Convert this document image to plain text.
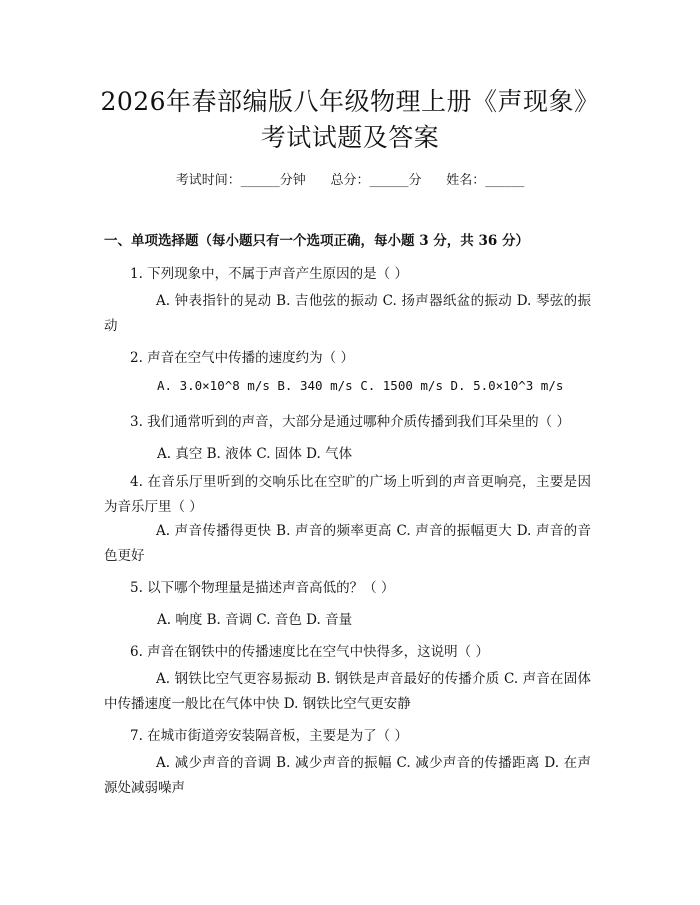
2026年春部编版八年级物理上册《声现象》
考试试题及答案
考试时间：______分钟      总分：______分      姓名：______
一、单项选择题（每小题只有一个选项正确，每小题 3 分，共 36 分）
1. 下列现象中，不属于声音产生原因的是（ ）
A. 钟表指针的晃动 B. 吉他弦的振动 C. 扬声器纸盆的振动 D. 琴弦的振动
2. 声音在空气中传播的速度约为（ ）
A. 3.0×10^8 m/s B. 340 m/s C. 1500 m/s D. 5.0×10^3 m/s
3. 我们通常听到的声音，大部分是通过哪种介质传播到我们耳朵里的（ ）
A. 真空 B. 液体 C. 固体 D. 气体
4. 在音乐厅里听到的交响乐比在空旷的广场上听到的声音更响亮，主要是因为音乐厅里（ ）
A. 声音传播得更快 B. 声音的频率更高 C. 声音的振幅更大 D. 声音的音色更好
5. 以下哪个物理量是描述声音高低的？（ ）
A. 响度 B. 音调 C. 音色 D. 音量
6. 声音在钢铁中的传播速度比在空气中快得多，这说明（ ）
A. 钢铁比空气更容易振动 B. 钢铁是声音最好的传播介质 C. 声音在固体中传播速度一般比在气体中快 D. 钢铁比空气更安静
7. 在城市街道旁安装隔音板，主要是为了（ ）
A. 减少声音的音调 B. 减少声音的振幅 C. 减少声音的传播距离 D. 在声源处减弱噪声
